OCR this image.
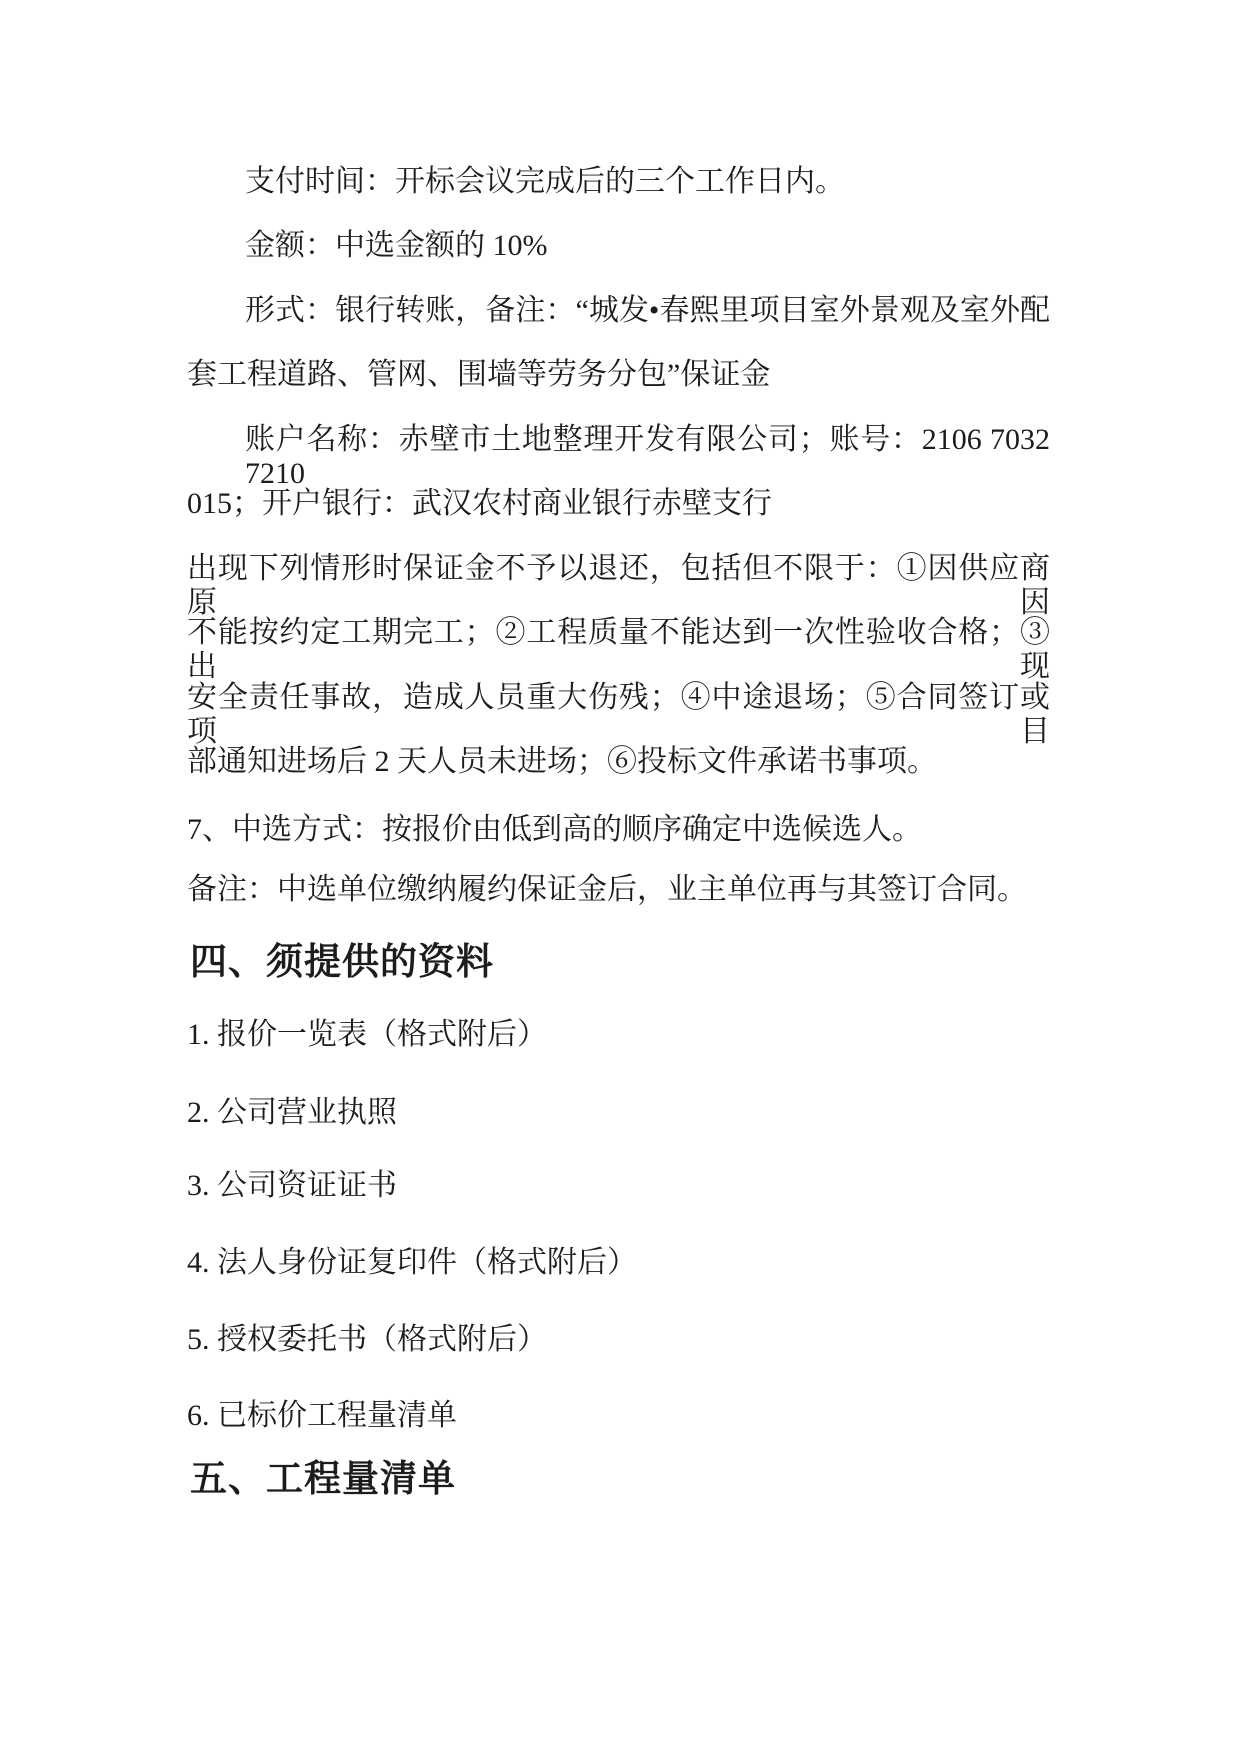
支付时间：开标会议完成后的三个工作日内。
金额：中选金额的 10%
形式：银行转账，备注：“城发•春熙里项目室外景观及室外配
套工程道路、管网、围墙等劳务分包”保证金
账户名称：赤壁市土地整理开发有限公司；账号：2106 7032 7210
015；开户银行：武汉农村商业银行赤壁支行
出现下列情形时保证金不予以退还，包括但不限于：①因供应商原因
不能按约定工期完工；②工程质量不能达到一次性验收合格；③出现
安全责任事故，造成人员重大伤残；④中途退场；⑤合同签订或项目
部通知进场后 2 天人员未进场；⑥投标文件承诺书事项。
7、中选方式：按报价由低到高的顺序确定中选候选人。
备注：中选单位缴纳履约保证金后，业主单位再与其签订合同。
四、须提供的资料
1. 报价一览表（格式附后）
2. 公司营业执照
3. 公司资证证书
4. 法人身份证复印件（格式附后）
5. 授权委托书（格式附后）
6. 已标价工程量清单
五、工程量清单
